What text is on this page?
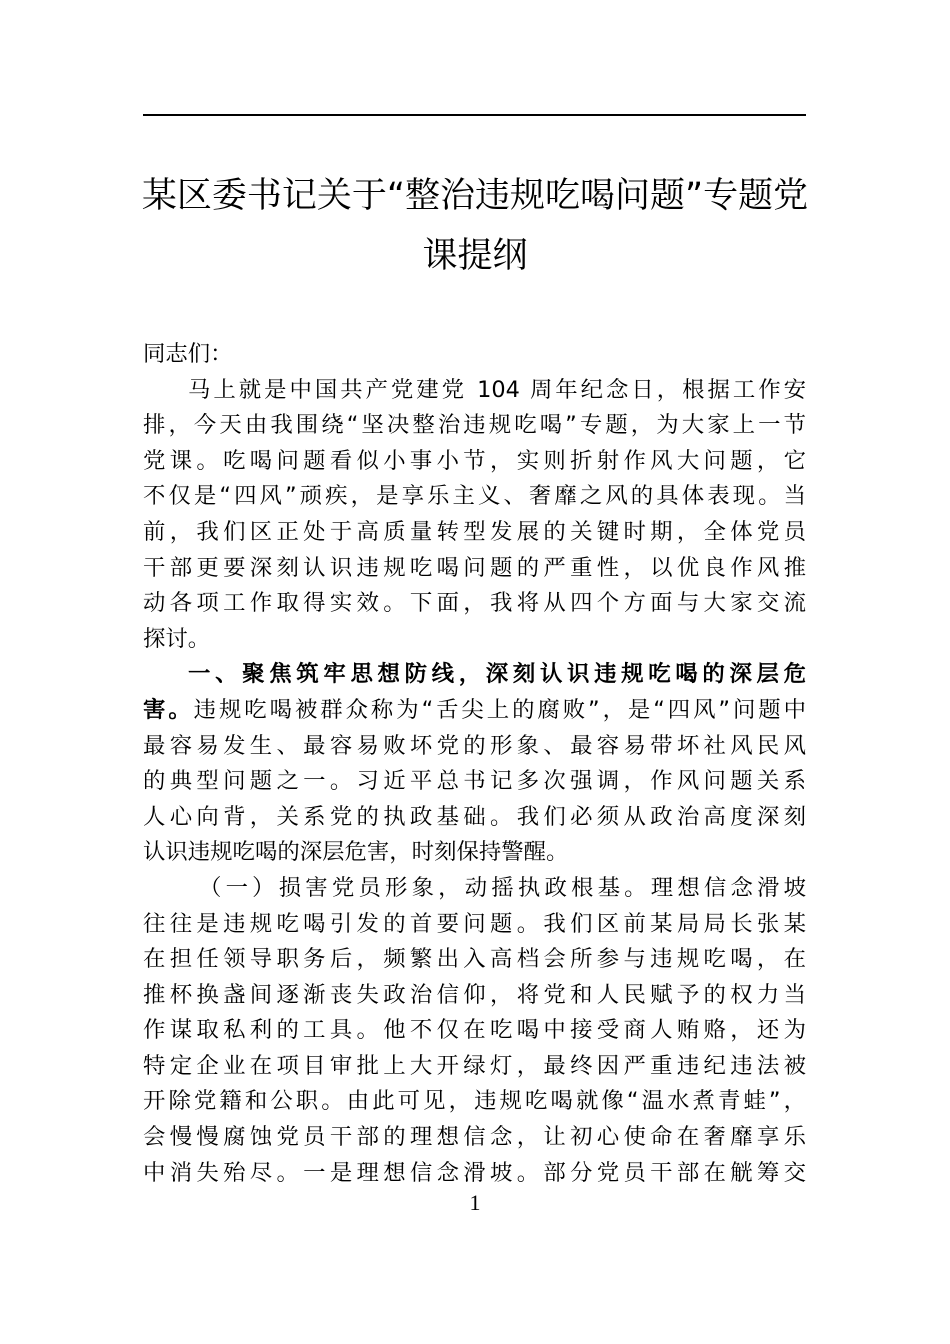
某区委书记关于“整治违规吃喝问题”专题党
课提纲

同志们：

马上就是中国共产党建党 104 周年纪念日，根据工作安
排，今天由我围绕“坚决整治违规吃喝”专题，为大家上一节
党课。吃喝问题看似小事小节，实则折射作风大问题，它
不仅是“四风”顽疾，是享乐主义、奢靡之风的具体表现。当
前，我们区正处于高质量转型发展的关键时期，全体党员
干部更要深刻认识违规吃喝问题的严重性，以优良作风推
动各项工作取得实效。下面，我将从四个方面与大家交流
探讨。

一、聚焦筑牢思想防线，深刻认识违规吃喝的深层危
害。违规吃喝被群众称为“舌尖上的腐败”，是“四风”问题中
最容易发生、最容易败坏党的形象、最容易带坏社风民风
的典型问题之一。习近平总书记多次强调，作风问题关系
人心向背，关系党的执政基础。我们必须从政治高度深刻
认识违规吃喝的深层危害，时刻保持警醒。

（一）损害党员形象，动摇执政根基。理想信念滑坡
往往是违规吃喝引发的首要问题。我们区前某局局长张某
在担任领导职务后，频繁出入高档会所参与违规吃喝，在
推杯换盏间逐渐丧失政治信仰，将党和人民赋予的权力当
作谋取私利的工具。他不仅在吃喝中接受商人贿赂，还为
特定企业在项目审批上大开绿灯，最终因严重违纪违法被
开除党籍和公职。由此可见，违规吃喝就像“温水煮青蛙”，
会慢慢腐蚀党员干部的理想信念，让初心使命在奢靡享乐
中消失殆尽。一是理想信念滑坡。部分党员干部在觥筹交

1
